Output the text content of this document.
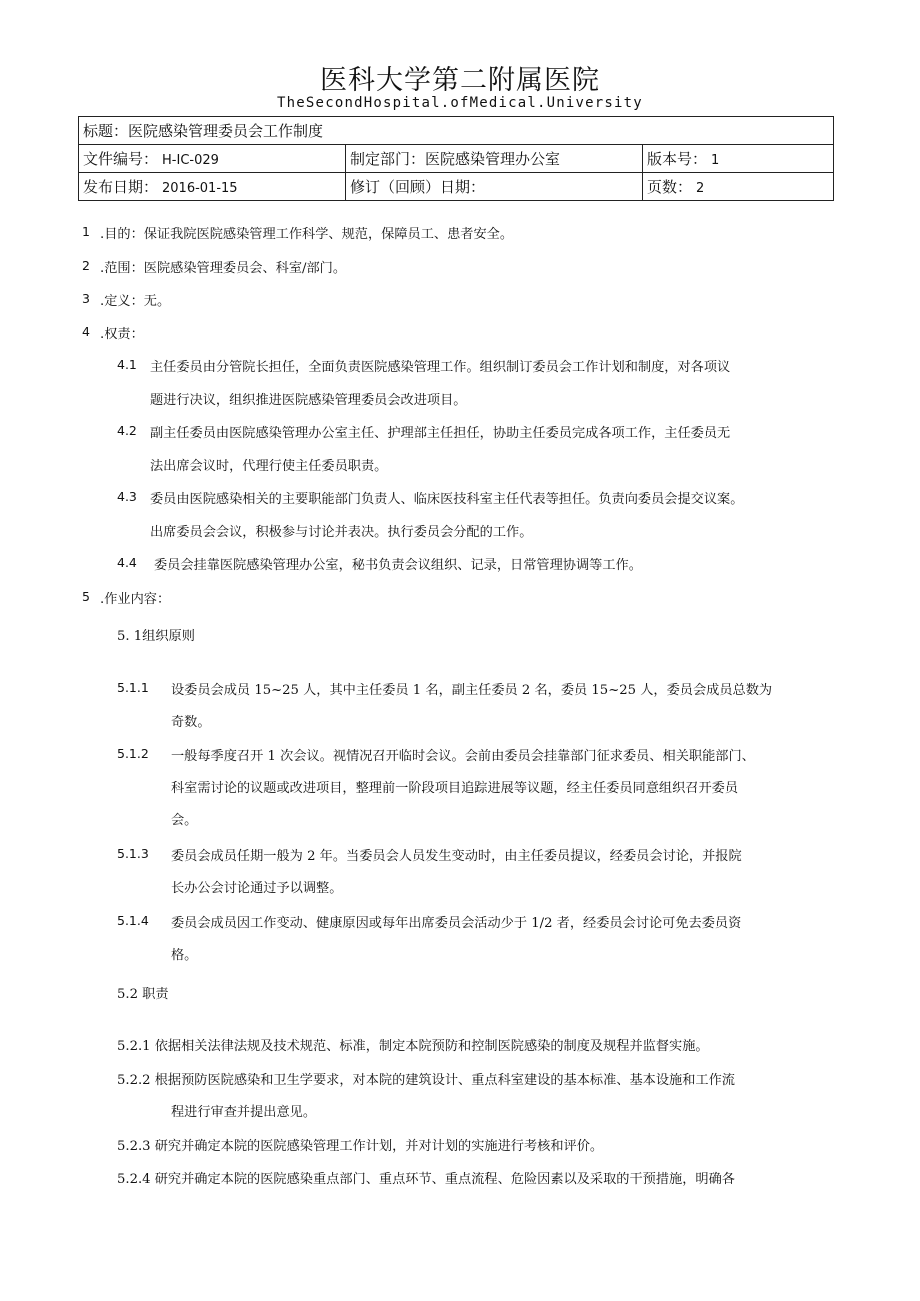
医科大学第二附属医院
TheSecondHospital.ofMedical.University
标题：医院感染管理委员会工作制度		
文件编号： H-IC-029	制定部门：医院感染管理办公室	版本号： 1
发布日期： 2016-01-15	修订（回顾）日期：	页数： 2
1 .目的：保证我院医院感染管理工作科学、规范，保障员工、患者安全。
2 .范围：医院感染管理委员会、科室/部门。
3 .定义：无。
4 .权责：
4.1 主任委员由分管院长担任，全面负责医院感染管理工作。组织制订委员会工作计划和制度，对各项议
题进行决议，组织推进医院感染管理委员会改进项目。
4.2 副主任委员由医院感染管理办公室主任、护理部主任担任，协助主任委员完成各项工作，主任委员无
法出席会议时，代理行使主任委员职责。
4.3 委员由医院感染相关的主要职能部门负责人、临床医技科室主任代表等担任。负责向委员会提交议案。
出席委员会会议，积极参与讨论并表决。执行委员会分配的工作。
4.4 委员会挂靠医院感染管理办公室，秘书负责会议组织、记录，日常管理协调等工作。
5 .作业内容：
5. 1组织原则
5.1.1 设委员会成员 15~25 人，其中主任委员 1 名，副主任委员 2 名，委员 15~25 人，委员会成员总数为
奇数。
5.1.2 一般每季度召开 1 次会议。视情况召开临时会议。会前由委员会挂靠部门征求委员、相关职能部门、
科室需讨论的议题或改进项目，整理前一阶段项目追踪进展等议题，经主任委员同意组织召开委员
会。
5.1.3 委员会成员任期一般为 2 年。当委员会人员发生变动时，由主任委员提议，经委员会讨论，并报院
长办公会讨论通过予以调整。
5.1.4 委员会成员因工作变动、健康原因或每年出席委员会活动少于 1/2 者，经委员会讨论可免去委员资
格。
5.2 职责
5.2.1 依据相关法律法规及技术规范、标准，制定本院预防和控制医院感染的制度及规程并监督实施。
5.2.2 根据预防医院感染和卫生学要求，对本院的建筑设计、重点科室建设的基本标准、基本设施和工作流
程进行审查并提出意见。
5.2.3 研究并确定本院的医院感染管理工作计划，并对计划的实施进行考核和评价。
5.2.4 研究并确定本院的医院感染重点部门、重点环节、重点流程、危险因素以及采取的干预措施，明确各
